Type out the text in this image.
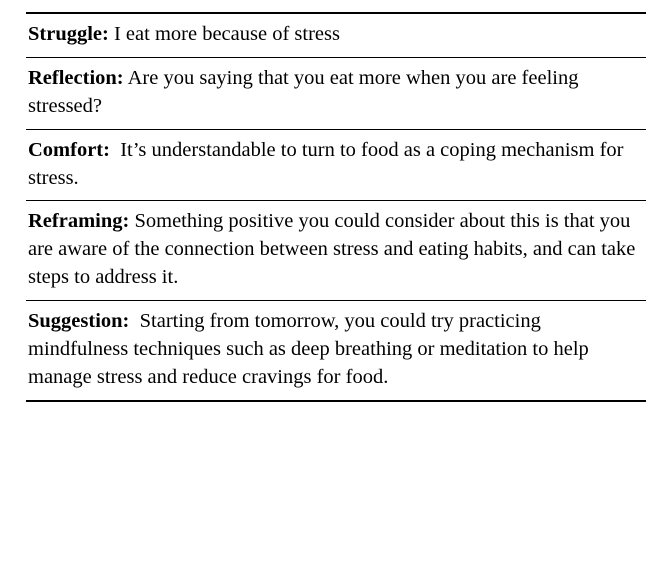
Struggle: I eat more because of stress
Reflection: Are you saying that you eat more when you are feeling stressed?
Comfort: It’s understandable to turn to food as a coping mechanism for stress.
Reframing: Something positive you could consider about this is that you are aware of the connection between stress and eating habits, and can take steps to address it.
Suggestion: Starting from tomorrow, you could try practicing mindfulness techniques such as deep breathing or meditation to help manage stress and reduce cravings for food.
